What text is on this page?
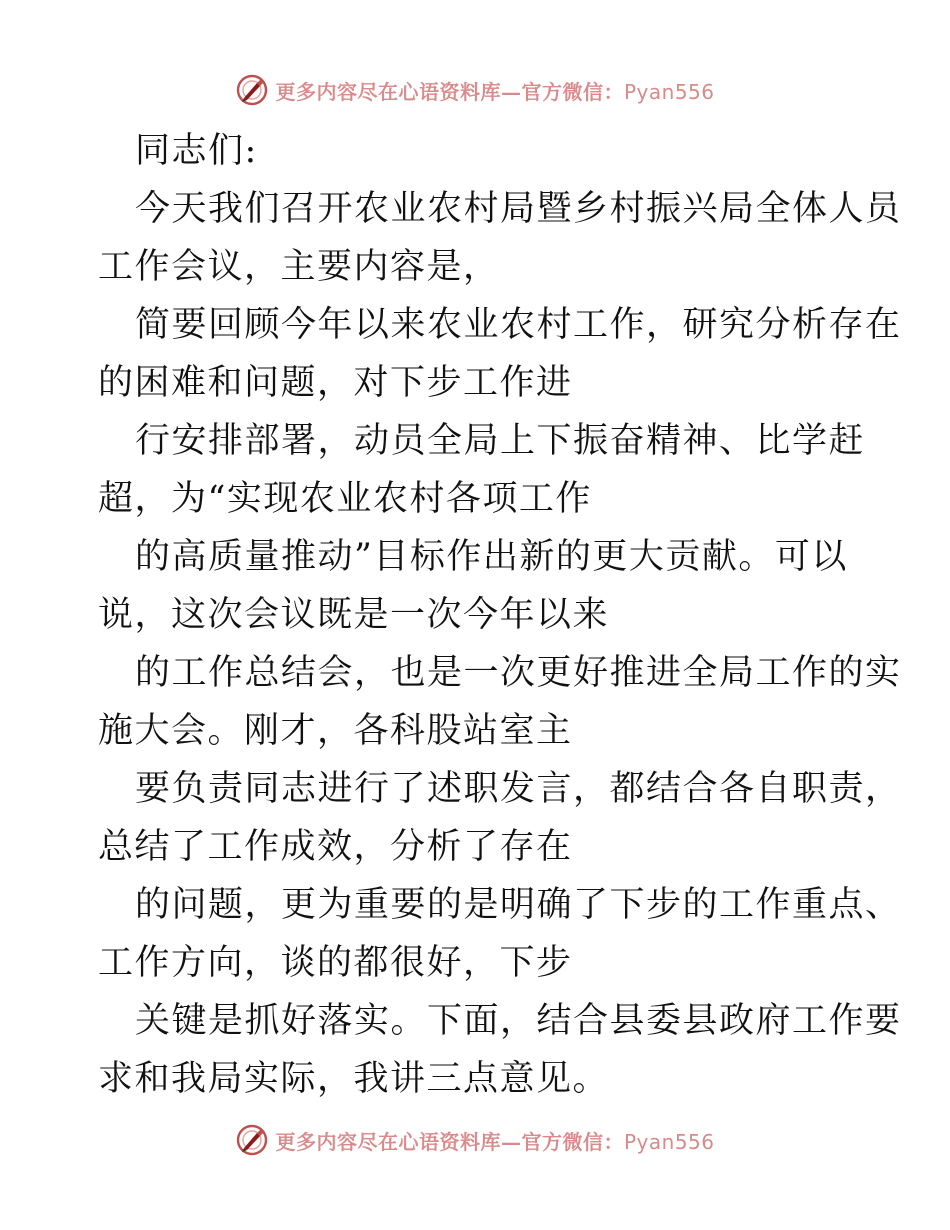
更多内容尽在心语资料库—官方微信：Pyan556
同志们:
今天我们召开农业农村局暨乡村振兴局全体人员
工作会议，主要内容是，
简要回顾今年以来农业农村工作，研究分析存在
的困难和问题，对下步工作进
行安排部署，动员全局上下振奋精神、比学赶
超，为“实现农业农村各项工作
的高质量推动”目标作出新的更大贡献。可以
说，这次会议既是一次今年以来
的工作总结会，也是一次更好推进全局工作的实
施大会。刚才，各科股站室主
要负责同志进行了述职发言，都结合各自职责，
总结了工作成效，分析了存在
的问题，更为重要的是明确了下步的工作重点、
工作方向，谈的都很好，下步
关键是抓好落实。下面，结合县委县政府工作要
求和我局实际，我讲三点意见。
更多内容尽在心语资料库—官方微信：Pyan556
